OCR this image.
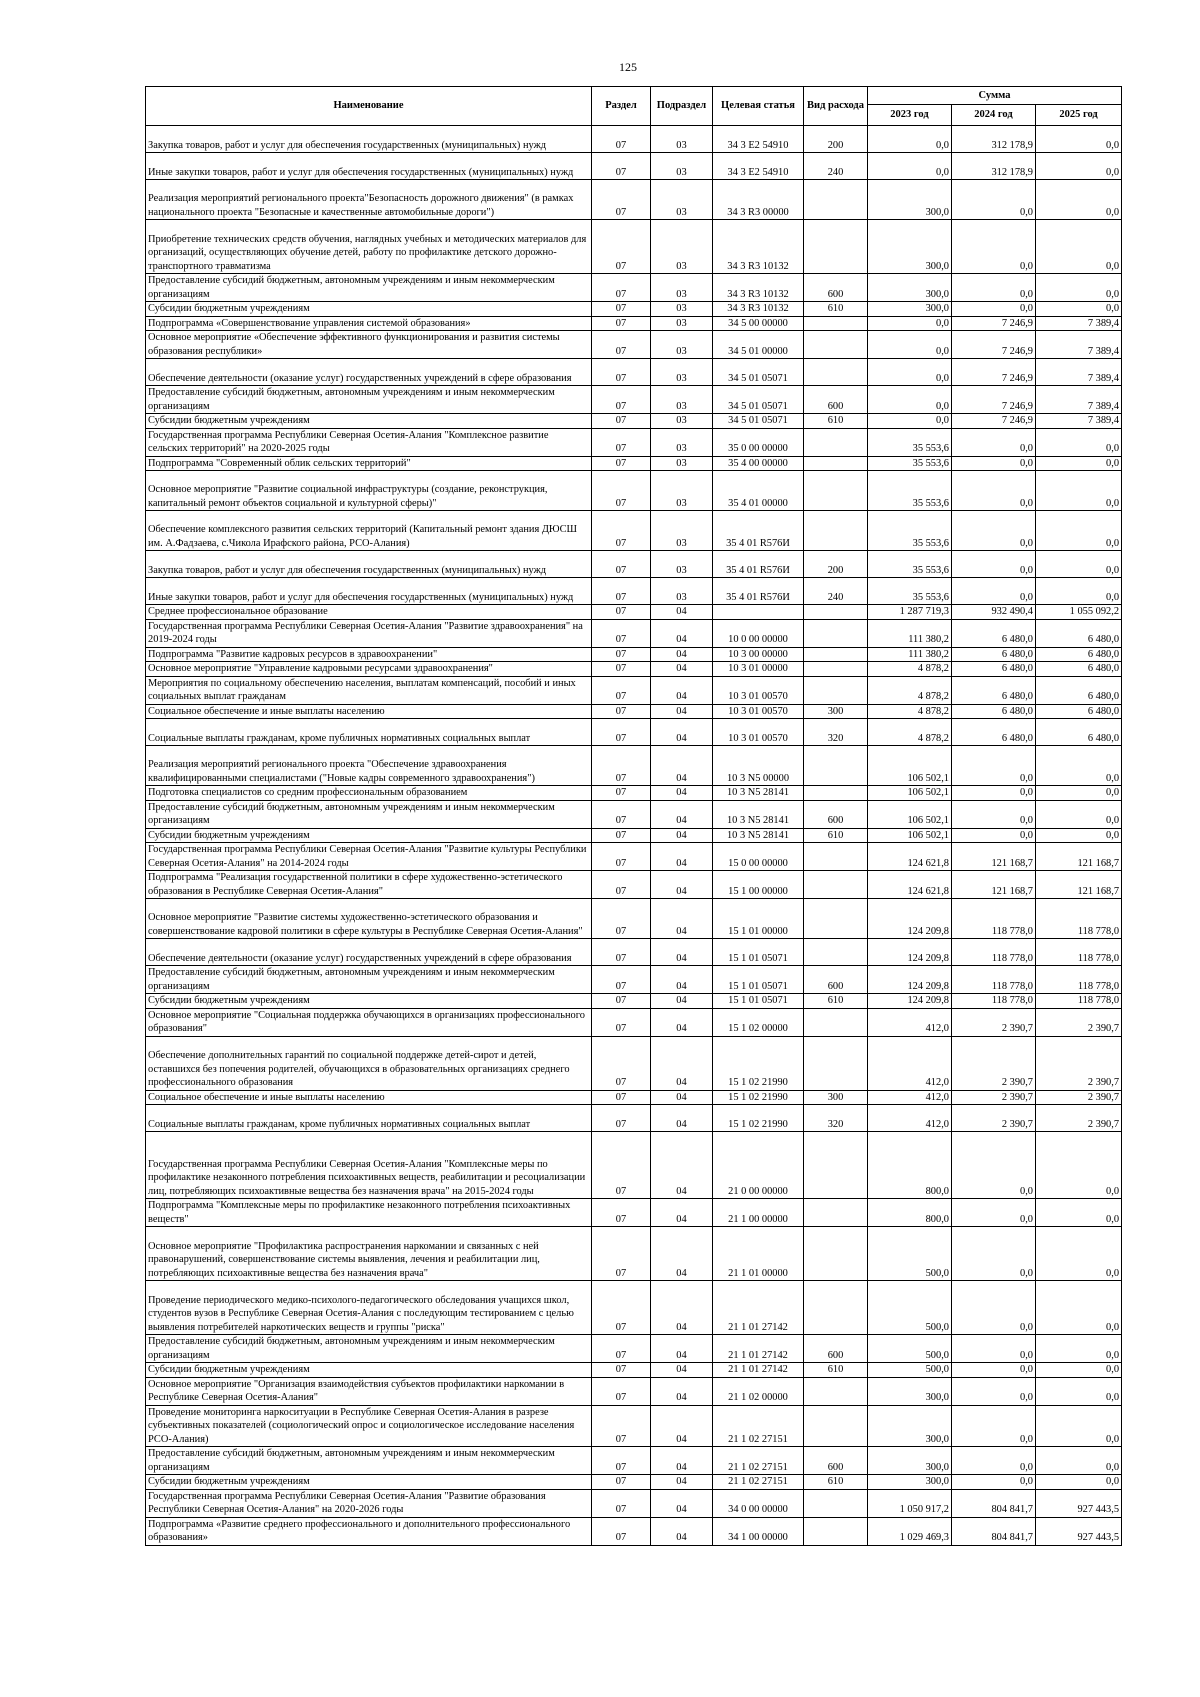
125
Наименование	Раздел	Подраздел	Целевая статья	Вид расхода	Сумма		
					2023 год	2024 год	2025 год
Закупка товаров, работ и услуг для обеспечения государственных (муниципальных) нужд	07	03	34 3 E2 54910	200	0,0	312 178,9	0,0
Иные закупки товаров, работ и услуг для обеспечения государственных (муниципальных) нужд	07	03	34 3 E2 54910	240	0,0	312 178,9	0,0
Реализация мероприятий регионального проекта"Безопасность дорожного движения" (в рамках национального проекта "Безопасные и качественные автомобильные дороги")	07	03	34 3 R3 00000		300,0	0,0	0,0
Приобретение технических средств обучения, наглядных учебных и методических материалов для организаций, осуществляющих обучение детей, работу по профилактике детского дорожно-транспортного травматизма	07	03	34 3 R3 10132		300,0	0,0	0,0
Предоставление субсидий бюджетным, автономным учреждениям и иным некоммерческим организациям	07	03	34 3 R3 10132	600	300,0	0,0	0,0
Субсидии бюджетным учреждениям	07	03	34 3 R3 10132	610	300,0	0,0	0,0
Подпрограмма «Совершенствование управления системой образования»	07	03	34 5 00 00000		0,0	7 246,9	7 389,4
Основное мероприятие «Обеспечение эффективного функционирования и развития системы образования республики»	07	03	34 5 01 00000		0,0	7 246,9	7 389,4
Обеспечение деятельности (оказание услуг) государственных учреждений в сфере образования	07	03	34 5 01 05071		0,0	7 246,9	7 389,4
Предоставление субсидий бюджетным, автономным учреждениям и иным некоммерческим организациям	07	03	34 5 01 05071	600	0,0	7 246,9	7 389,4
Субсидии бюджетным учреждениям	07	03	34 5 01 05071	610	0,0	7 246,9	7 389,4
Государственная программа Республики Северная Осетия-Алания "Комплексное развитие сельских территорий" на 2020-2025 годы	07	03	35 0 00 00000		35 553,6	0,0	0,0
Подпрограмма "Современный облик сельских территорий"	07	03	35 4 00 00000		35 553,6	0,0	0,0
Основное мероприятие "Развитие социальной инфраструктуры (создание, реконструкция, капитальный ремонт объектов социальной и культурной сферы)"	07	03	35 4 01 00000		35 553,6	0,0	0,0
Обеспечение комплексного развития сельских территорий (Капитальный ремонт здания ДЮСШ им. А.Фадзаева, с.Чикола Ирафского района, РСО-Алания)	07	03	35 4 01 R576И		35 553,6	0,0	0,0
Закупка товаров, работ и услуг для обеспечения государственных (муниципальных) нужд	07	03	35 4 01 R576И	200	35 553,6	0,0	0,0
Иные закупки товаров, работ и услуг для обеспечения государственных (муниципальных) нужд	07	03	35 4 01 R576И	240	35 553,6	0,0	0,0
Среднее профессиональное образование	07	04			1 287 719,3	932 490,4	1 055 092,2
Государственная программа Республики Северная Осетия-Алания "Развитие здравоохранения" на 2019-2024 годы	07	04	10 0 00 00000		111 380,2	6 480,0	6 480,0
Подпрограмма "Развитие кадровых ресурсов в здравоохранении"	07	04	10 3 00 00000		111 380,2	6 480,0	6 480,0
Основное мероприятие "Управление кадровыми ресурсами здравоохранения"	07	04	10 3 01 00000		4 878,2	6 480,0	6 480,0
Мероприятия по социальному обеспечению населения, выплатам компенсаций, пособий и иных социальных выплат гражданам	07	04	10 3 01 00570		4 878,2	6 480,0	6 480,0
Социальное обеспечение и иные выплаты населению	07	04	10 3 01 00570	300	4 878,2	6 480,0	6 480,0
Социальные выплаты гражданам, кроме публичных нормативных социальных выплат	07	04	10 3 01 00570	320	4 878,2	6 480,0	6 480,0
Реализация мероприятий регионального проекта "Обеспечение здравоохранения квалифицированными специалистами ("Новые кадры современного здравоохранения")	07	04	10 3 N5 00000		106 502,1	0,0	0,0
Подготовка специалистов со средним профессиональным образованием	07	04	10 3 N5 28141		106 502,1	0,0	0,0
Предоставление субсидий бюджетным, автономным учреждениям и иным некоммерческим организациям	07	04	10 3 N5 28141	600	106 502,1	0,0	0,0
Субсидии бюджетным учреждениям	07	04	10 3 N5 28141	610	106 502,1	0,0	0,0
Государственная программа Республики Северная Осетия-Алания "Развитие культуры Республики Северная Осетия-Алания" на 2014-2024 годы	07	04	15 0 00 00000		124 621,8	121 168,7	121 168,7
Подпрограмма "Реализация государственной политики в сфере художественно-эстетического образования в Республике Северная Осетия-Алания"	07	04	15 1 00 00000		124 621,8	121 168,7	121 168,7
Основное мероприятие "Развитие системы художественно-эстетического образования и совершенствование кадровой политики в сфере культуры в Республике Северная Осетия-Алания"	07	04	15 1 01 00000		124 209,8	118 778,0	118 778,0
Обеспечение деятельности (оказание услуг) государственных учреждений в сфере образования	07	04	15 1 01 05071		124 209,8	118 778,0	118 778,0
Предоставление субсидий бюджетным, автономным учреждениям и иным некоммерческим организациям	07	04	15 1 01 05071	600	124 209,8	118 778,0	118 778,0
Субсидии бюджетным учреждениям	07	04	15 1 01 05071	610	124 209,8	118 778,0	118 778,0
Основное мероприятие "Социальная поддержка обучающихся в организациях профессионального образования"	07	04	15 1 02 00000		412,0	2 390,7	2 390,7
Обеспечение дополнительных гарантий по социальной поддержке детей-сирот и детей, оставшихся без попечения родителей, обучающихся в образовательных организациях среднего профессионального образования	07	04	15 1 02 21990		412,0	2 390,7	2 390,7
Социальное обеспечение и иные выплаты населению	07	04	15 1 02 21990	300	412,0	2 390,7	2 390,7
Социальные выплаты гражданам, кроме публичных нормативных социальных выплат	07	04	15 1 02 21990	320	412,0	2 390,7	2 390,7
Государственная программа Республики Северная Осетия-Алания "Комплексные меры по профилактике незаконного потребления психоактивных веществ, реабилитации и ресоциализации лиц, потребляющих психоактивные вещества без назначения врача" на 2015-2024 годы	07	04	21 0 00 00000		800,0	0,0	0,0
Подпрограмма "Комплексные меры по профилактике незаконного потребления психоактивных веществ"	07	04	21 1 00 00000		800,0	0,0	0,0
Основное мероприятие "Профилактика распространения наркомании и связанных с ней правонарушений, совершенствование системы выявления, лечения и реабилитации лиц, потребляющих психоактивные вещества без назначения врача"	07	04	21 1 01 00000		500,0	0,0	0,0
Проведение периодического медико-психолого-педагогического обследования учащихся школ, студентов вузов в Республике Северная Осетия-Алания с последующим тестированием с целью выявления потребителей наркотических веществ и группы "риска"	07	04	21 1 01 27142		500,0	0,0	0,0
Предоставление субсидий бюджетным, автономным учреждениям и иным некоммерческим организациям	07	04	21 1 01 27142	600	500,0	0,0	0,0
Субсидии бюджетным учреждениям	07	04	21 1 01 27142	610	500,0	0,0	0,0
Основное мероприятие "Организация взаимодействия субъектов профилактики наркомании в Республике Северная Осетия-Алания"	07	04	21 1 02 00000		300,0	0,0	0,0
Проведение мониторинга наркоситуации в Республике Северная Осетия-Алания в разрезе субъективных показателей (социологический опрос и социологическое исследование населения РСО-Алания)	07	04	21 1 02 27151		300,0	0,0	0,0
Предоставление субсидий бюджетным, автономным учреждениям и иным некоммерческим организациям	07	04	21 1 02 27151	600	300,0	0,0	0,0
Субсидии бюджетным учреждениям	07	04	21 1 02 27151	610	300,0	0,0	0,0
Государственная программа Республики Северная Осетия-Алания "Развитие образования Республики Северная Осетия-Алания" на 2020-2026 годы	07	04	34 0 00 00000		1 050 917,2	804 841,7	927 443,5
Подпрограмма «Развитие среднего профессионального и дополнительного профессионального образования»	07	04	34 1 00 00000		1 029 469,3	804 841,7	927 443,5
